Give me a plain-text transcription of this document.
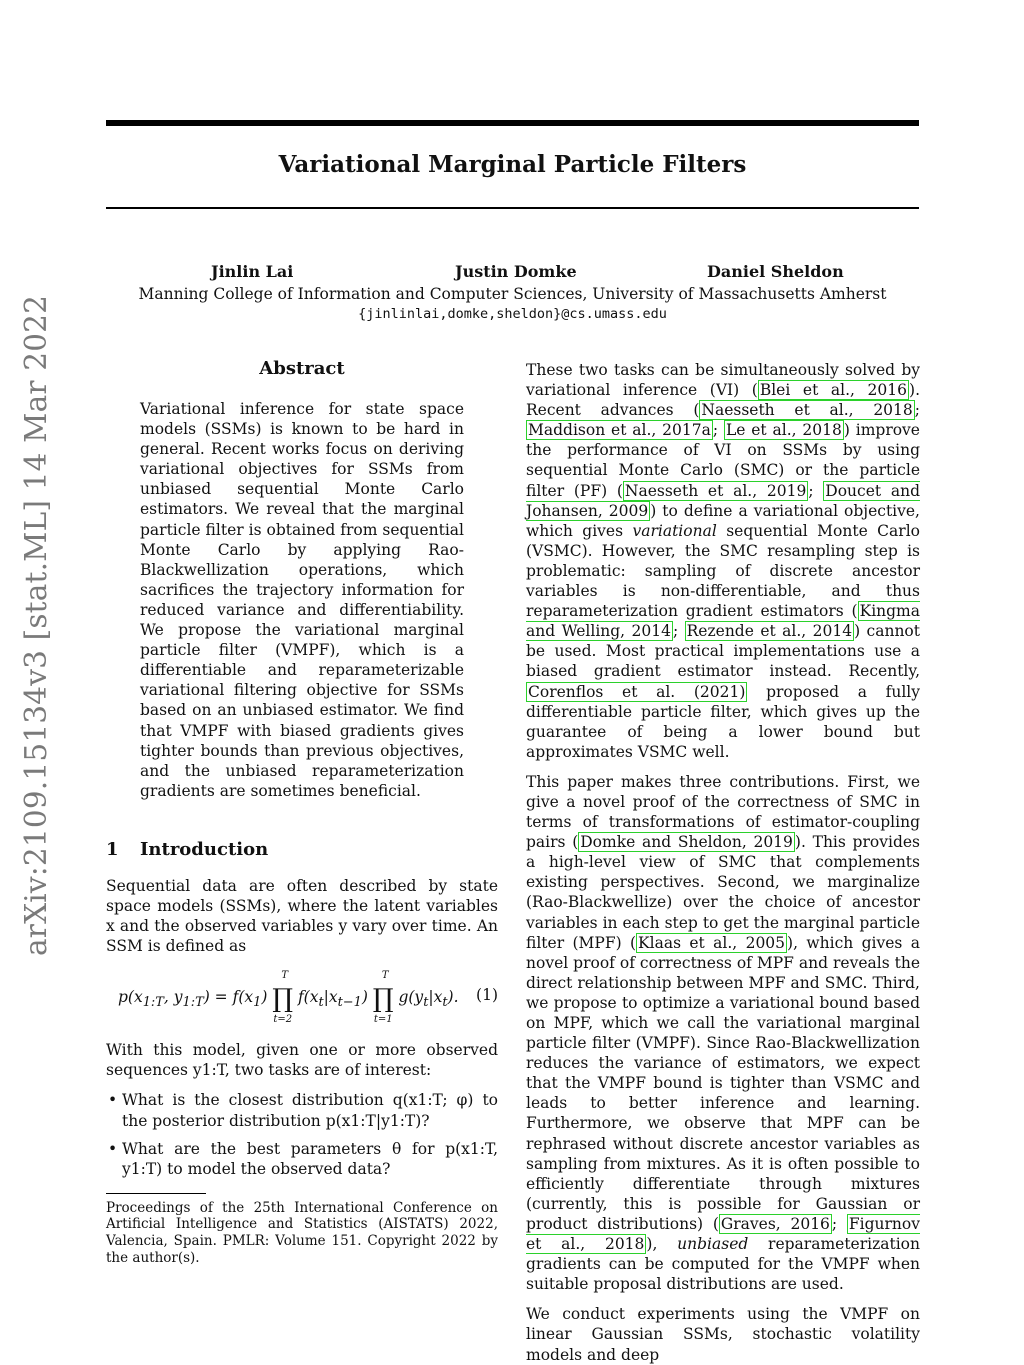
Variational Marginal Particle Filters
Jinlin Lai	Justin Domke	Daniel Sheldon
Manning College of Information and Computer Sciences, University of Massachusetts Amherst
{jinlinlai,domke,sheldon}@cs.umass.edu
arXiv:2109.15134v3 [stat.ML] 14 Mar 2022	Abstract
Variational inference for state space models (SSMs) is known to be hard in general. Recent works focus on deriving variational objectives for SSMs from unbiased sequential Monte Carlo estimators. We reveal that the marginal particle filter is obtained from sequential Monte Carlo by applying Rao-Blackwellization operations, which sacrifices the trajectory information for reduced variance and differentiability. We propose the variational marginal particle filter (VMPF), which is a differentiable and reparameterizable variational filtering objective for SSMs based on an unbiased estimator. We find that VMPF with biased gradients gives tighter bounds than previous objectives, and the unbiased reparameterization gradients are sometimes beneficial.
1 Introduction

Sequential data are often described by state space models (SSMs), where the latent variables x and the observed variables y vary over time. An SSM is defined as

$p(x_{1:T}$, $y_{1:T}) = f(x_1)$ ∏
T
t=2
$f(x_t|x_{t-1})$ ∏
T
t=1
$g(y_t|x_t)$. (1)

With this model, given one or more observed sequences y1:T, two tasks are of interest:

• What is the closest distribution q(x1:T; φ) to the posterior distribution p(x1:T|y1:T)?
• What are the best parameters θ for p(x1:T, y1:T) to model the observed data?
Proceedings of the 25th International Conference on Artificial Intelligence and Statistics (AISTATS) 2022, Valencia, Spain. PMLR: Volume 151. Copyright 2022 by the author(s).

These two tasks can be simultaneously solved by variational inference (VI) ( Blei et al., 2016 ). Recent advances ( Naesseth et al., 2018 ; Maddison et al., 2017a ; Le et al., 2018 ) improve the performance of VI on SSMs by using sequential Monte Carlo (SMC) or the particle filter (PF) ( Naesseth et al., 2019 ; Doucet and Johansen, 2009 ) to define a variational objective, which gives variational sequential Monte Carlo (VSMC). However, the SMC resampling step is problematic: sampling of discrete ancestor variables is non-differentiable, and thus reparameterization gradient estimators ( Kingma and Welling, 2014 ; Rezende et al., 2014 ) cannot be used. Most practical implementations use a biased gradient estimator instead. Recently, Corenflos et al. (2021) proposed a fully differentiable particle filter, which gives up the guarantee of being a lower bound but approximates VSMC well.

This paper makes three contributions. First, we give a novel proof of the correctness of SMC in terms of transformations of estimator-coupling pairs ( Domke and Sheldon, 2019 ). This provides a high-level view of SMC that complements existing perspectives. Second, we marginalize (Rao-Blackwellize) over the choice of ancestor variables in each step to get the marginal particle filter (MPF) ( Klaas et al., 2005 ), which gives a novel proof of correctness of MPF and reveals the direct relationship between MPF and SMC. Third, we propose to optimize a variational bound based on MPF, which we call the variational marginal particle filter (VMPF). Since Rao-Blackwellization reduces the variance of estimators, we expect that the VMPF bound is tighter than VSMC and leads to better inference and learning. Furthermore, we observe that MPF can be rephrased without discrete ancestor variables as sampling from mixtures. As it is often possible to efficiently differentiate through mixtures (currently, this is possible for Gaussian or product distributions) ( Graves, 2016 ; Figurnov et al., 2018 ), unbiased reparameterization gradients can be computed for the VMPF when suitable proposal distributions are used.

We conduct experiments using the VMPF on linear Gaussian SSMs, stochastic volatility models and deep
